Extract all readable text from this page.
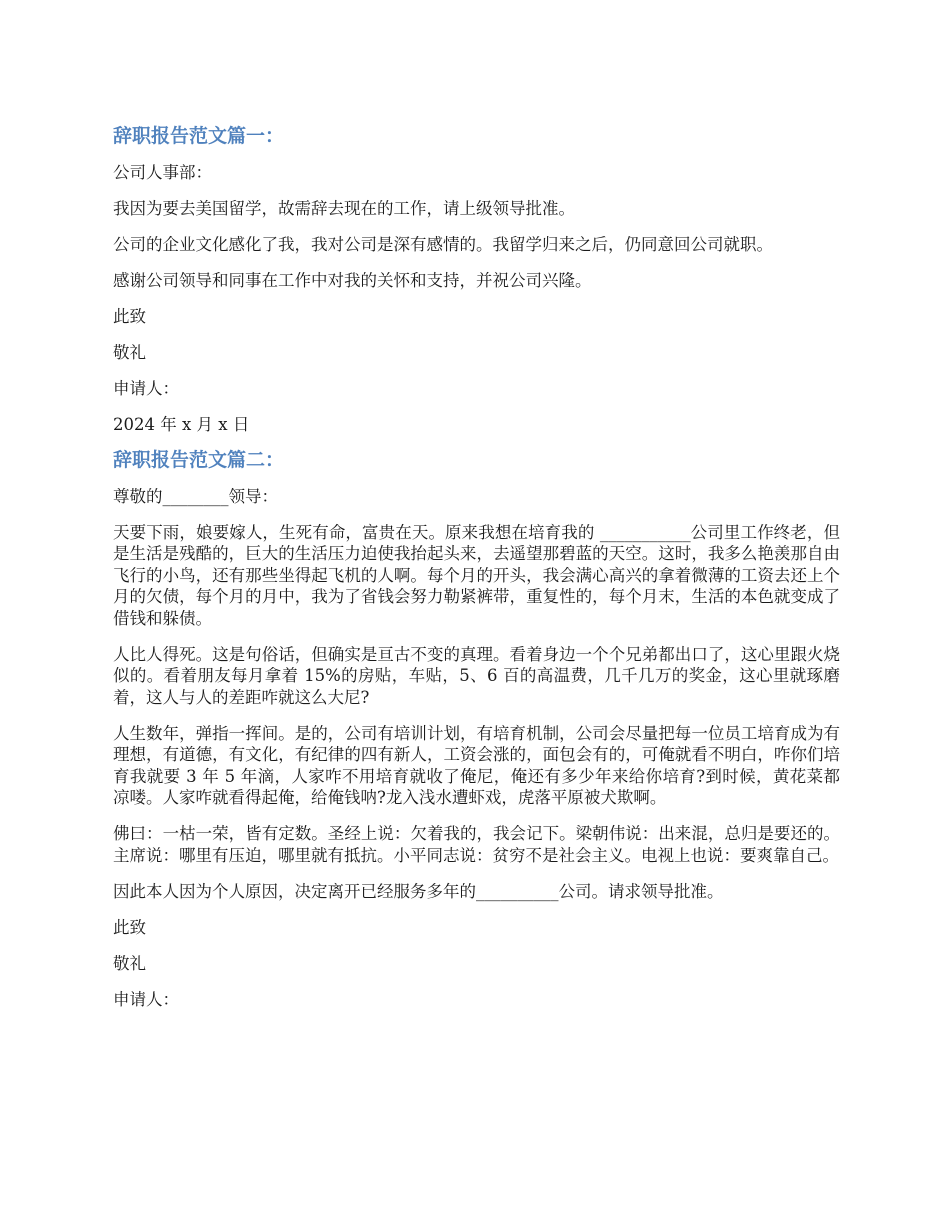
辞职报告范文篇一：
公司人事部：
我因为要去美国留学，故需辞去现在的工作，请上级领导批准。
公司的企业文化感化了我，我对公司是深有感情的。我留学归来之后，仍同意回公司就职。
感谢公司领导和同事在工作中对我的关怀和支持，并祝公司兴隆。
此致
敬礼
申请人：
2024 年 x 月 x 日
辞职报告范文篇二：
尊敬的________领导：
天要下雨，娘要嫁人，生死有命，富贵在天。原来我想在培育我的 ___________公司里工作终老，但是生活是残酷的，巨大的生活压力迫使我抬起头来，去遥望那碧蓝的天空。这时，我多么艳羡那自由飞行的小鸟，还有那些坐得起飞机的人啊。每个月的开头，我会满心高兴的拿着微薄的工资去还上个月的欠债，每个月的月中，我为了省钱会努力勒紧裤带，重复性的，每个月末，生活的本色就变成了借钱和躲债。
人比人得死。这是句俗话，但确实是亘古不变的真理。看着身边一个个兄弟都出口了，这心里跟火烧似的。看着朋友每月拿着 15%的房贴，车贴，5、6 百的高温费，几千几万的奖金，这心里就琢磨着，这人与人的差距咋就这么大尼?
人生数年，弹指一挥间。是的，公司有培训计划，有培育机制，公司会尽量把每一位员工培育成为有理想，有道德，有文化，有纪律的四有新人，工资会涨的，面包会有的，可俺就看不明白，咋你们培育我就要 3 年 5 年滴，人家咋不用培育就收了俺尼，俺还有多少年来给你培育?到时候，黄花菜都凉喽。人家咋就看得起俺，给俺钱呐?龙入浅水遭虾戏，虎落平原被犬欺啊。
佛曰：一枯一荣，皆有定数。圣经上说：欠着我的，我会记下。梁朝伟说：出来混，总归是要还的。主席说：哪里有压迫，哪里就有抵抗。小平同志说：贫穷不是社会主义。电视上也说：要爽靠自己。
因此本人因为个人原因，决定离开已经服务多年的__________公司。请求领导批准。
此致
敬礼
申请人：
